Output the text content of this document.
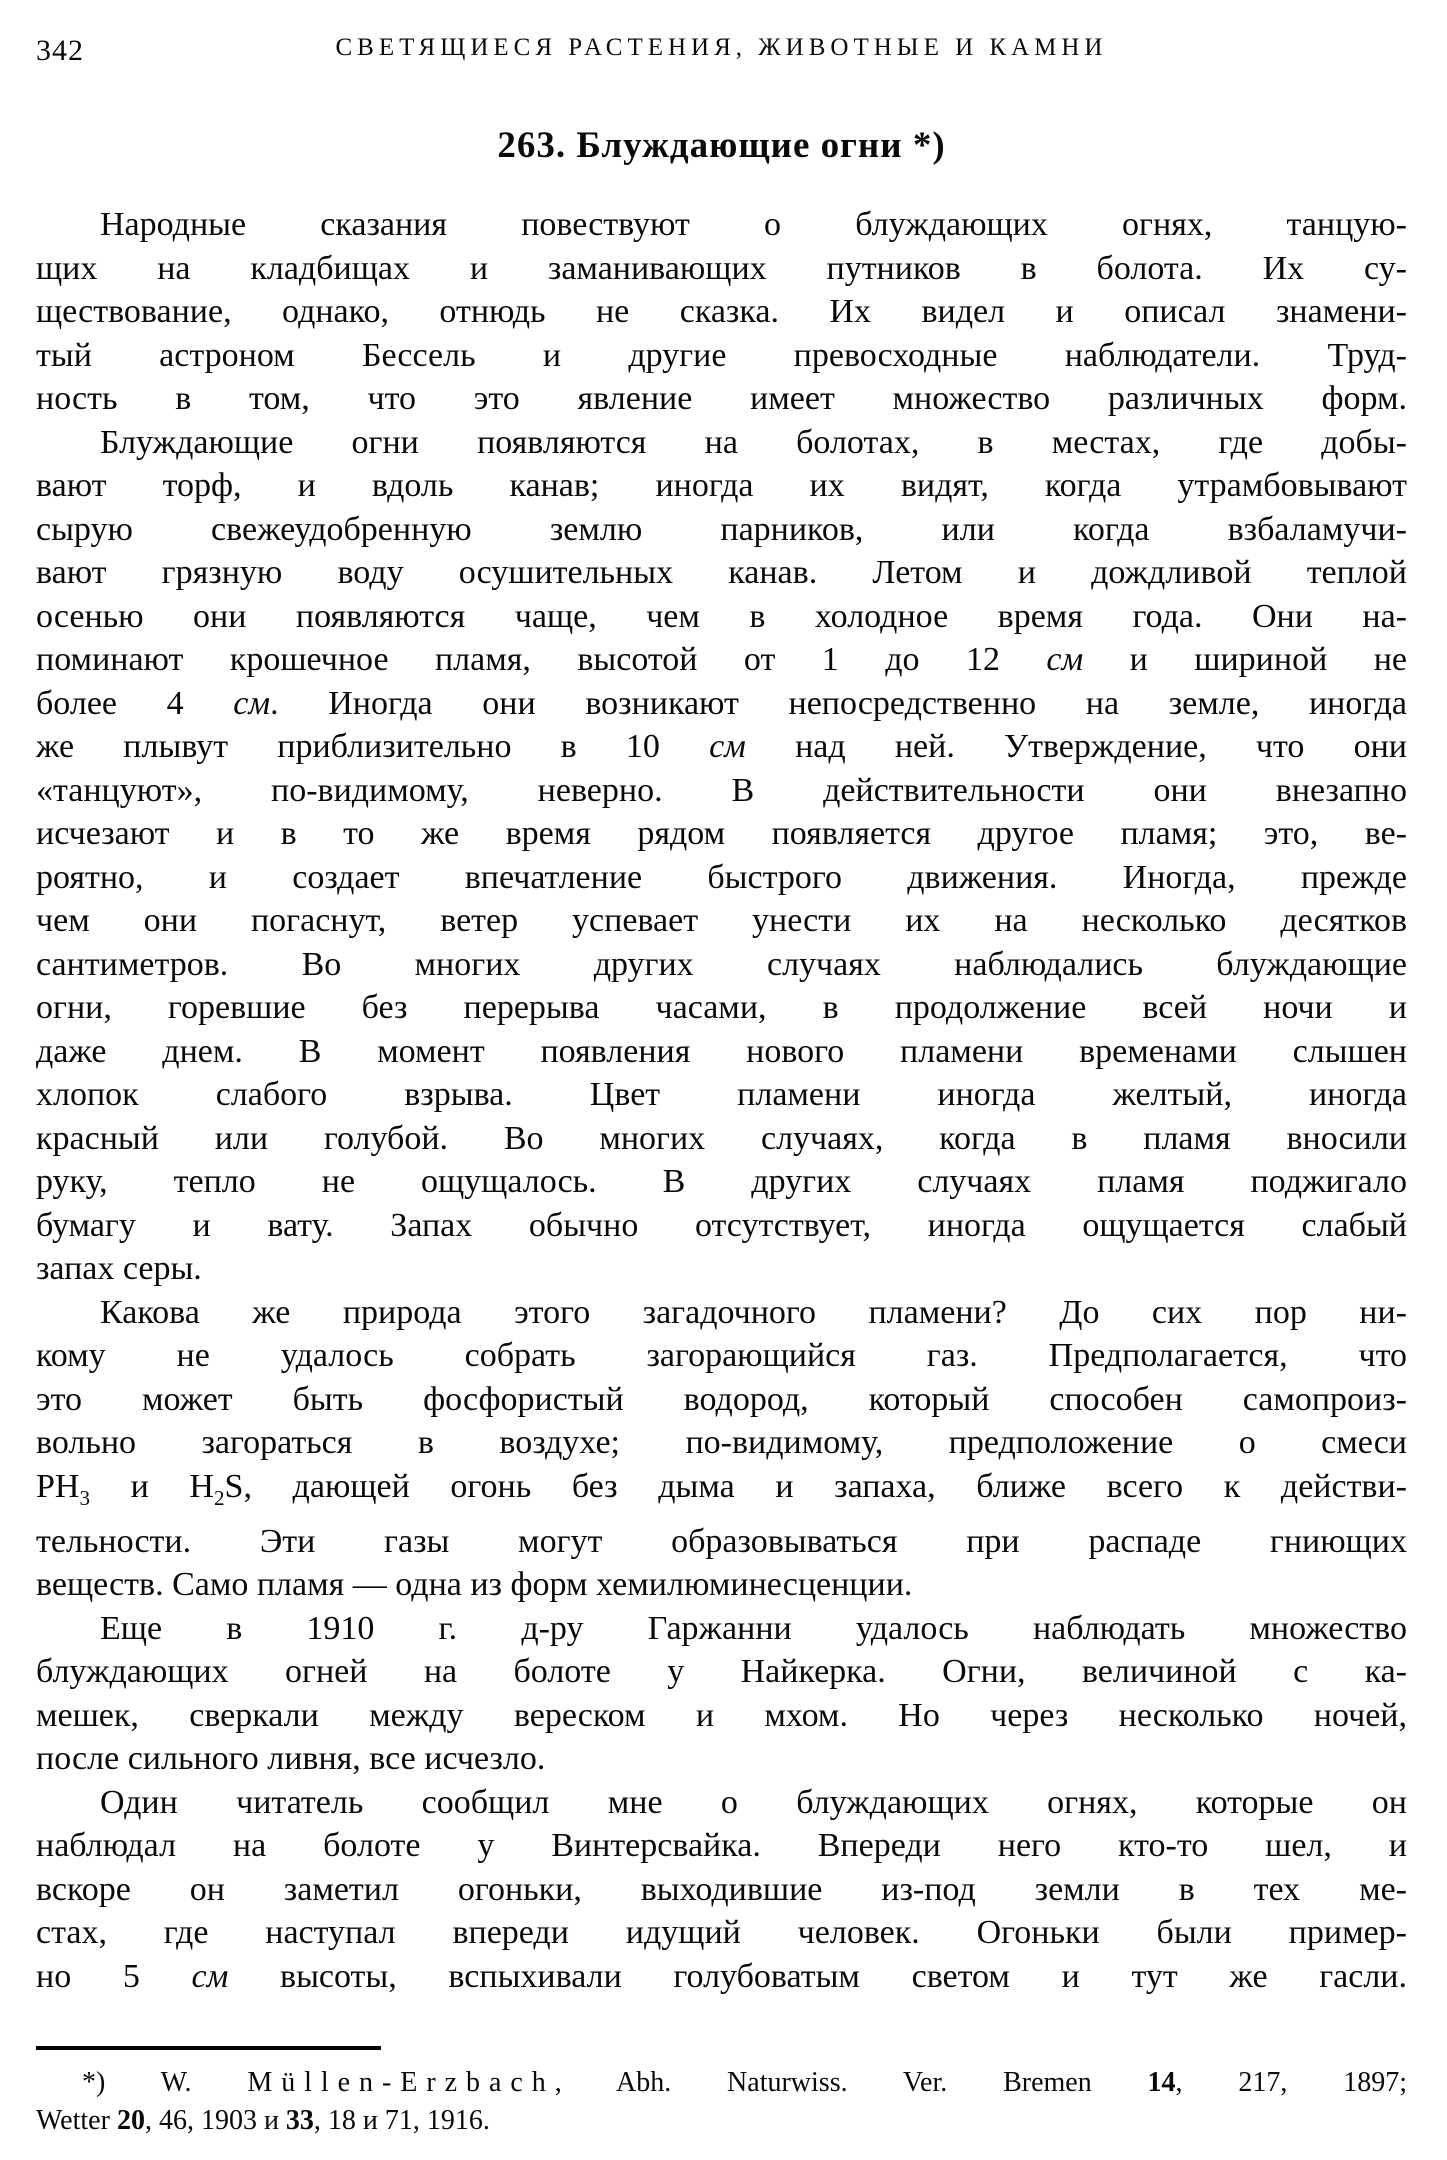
342	СВЕТЯЩИЕСЯ РАСТЕНИЯ, ЖИВОТНЫЕ И КАМНИ
263. Блуждающие огни *)
Народные сказания повествуют о блуждающих огнях, танцую-
щих на кладбищах и заманивающих путников в болота. Их су-
ществование, однако, отнюдь не сказка. Их видел и описал знамени-
тый астроном Бессель и другие превосходные наблюдатели. Труд-
ность в том, что это явление имеет множество различных форм.
Блуждающие огни появляются на болотах, в местах, где добы-
вают торф, и вдоль канав; иногда их видят, когда утрамбовывают
сырую свежеудобренную землю парников, или когда взбаламучи-
вают грязную воду осушительных канав. Летом и дождливой теплой
осенью они появляются чаще, чем в холодное время года. Они на-
поминают крошечное пламя, высотой от 1 до 12 см и шириной не
более 4 см. Иногда они возникают непосредственно на земле, иногда
же плывут приблизительно в 10 см над ней. Утверждение, что они
«танцуют», по-видимому, неверно. В действительности они внезапно
исчезают и в то же время рядом появляется другое пламя; это, ве-
роятно, и создает впечатление быстрого движения. Иногда, прежде
чем они погаснут, ветер успевает унести их на несколько десятков
сантиметров. Во многих других случаях наблюдались блуждающие
огни, горевшие без перерыва часами, в продолжение всей ночи и
даже днем. В момент появления нового пламени временами слышен
хлопок слабого взрыва. Цвет пламени иногда желтый, иногда
красный или голубой. Во многих случаях, когда в пламя вносили
руку, тепло не ощущалось. В других случаях пламя поджигало
бумагу и вату. Запах обычно отсутствует, иногда ощущается слабый
запах серы.
Какова же природа этого загадочного пламени? До сих пор ни-
кому не удалось собрать загорающийся газ. Предполагается, что
это может быть фосфористый водород, который способен самопроиз-
вольно загораться в воздухе; по-видимому, предположение о смеси
$PH_3$ и $H_2S$, дающей огонь без дыма и запаха, ближе всего к действи-
тельности. Эти газы могут образовываться при распаде гниющих
веществ. Само пламя — одна из форм хемилюминесценции.
Еще в 1910 г. д-ру Гаржанни удалось наблюдать множество
блуждающих огней на болоте у Найкерка. Огни, величиной с ка-
мешек, сверкали между вереском и мхом. Но через несколько ночей,
после сильного ливня, все исчезло.
Один читатель сообщил мне о блуждающих огнях, которые он
наблюдал на болоте у Винтерсвайка. Впереди него кто-то шел, и
вскоре он заметил огоньки, выходившие из-под земли в тех ме-
стах, где наступал впереди идущий человек. Огоньки были пример-
но 5 см высоты, вспыхивали голубоватым светом и тут же гасли.
*) W. Müllen-Erzbach, Abh. Naturwiss. Ver. Bremen 14, 217, 1897;
Wetter 20, 46, 1903 и 33, 18 и 71, 1916.
